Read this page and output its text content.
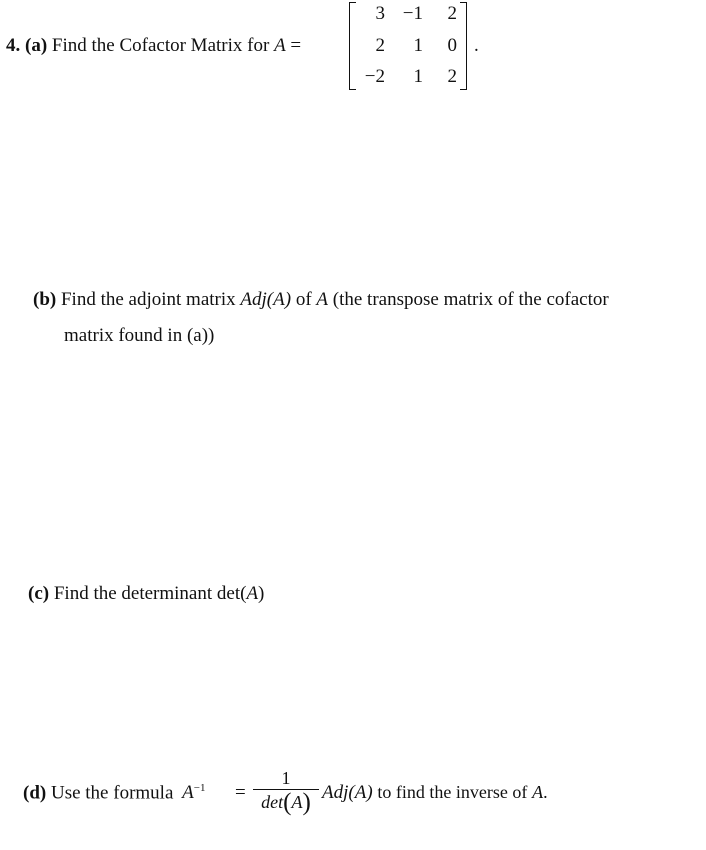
4. (a) Find the Cofactor Matrix for A =
3 −1	2
2	1	0
−2	1	2
.
(b) Find the adjoint matrix Adj(A) of A (the transpose matrix of the cofactor
matrix found in (a))
(c) Find the determinant det(A)
(d) Use the formula $A^{-1}$ =
1
det(A) Adj(A) to find the inverse of A.
